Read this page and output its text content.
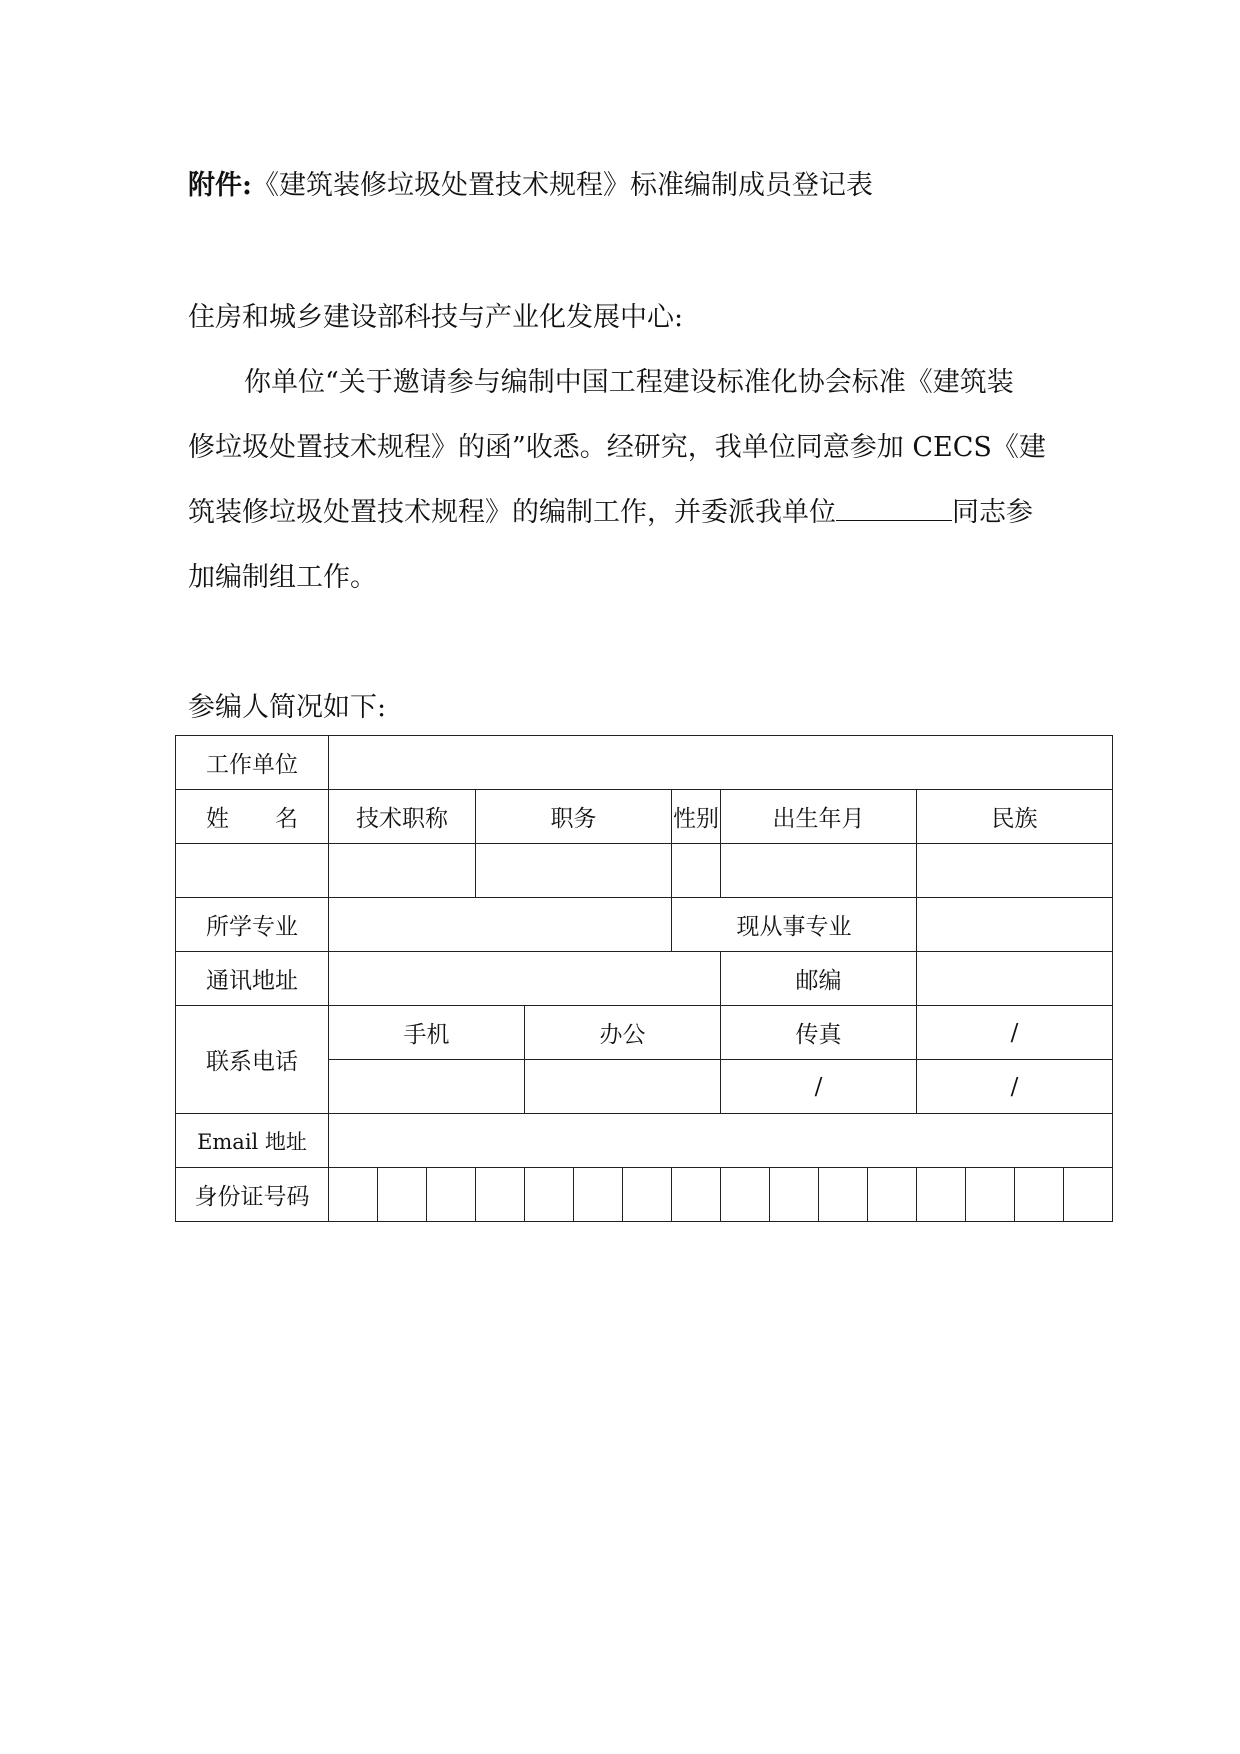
附件:《建筑装修垃圾处置技术规程》标准编制成员登记表
住房和城乡建设部科技与产业化发展中心:
你单位“关于邀请参与编制中国工程建设标准化协会标准《建筑装
修垃圾处置技术规程》的函”收悉。经研究，我单位同意参加 CECS《建
筑装修垃圾处置技术规程》的编制工作，并委派我单位	同志参
加编制组工作。
参编人简况如下:
工作单位																
姓　　名	技术职称			职务				性别	出生年月				民族			

所学专业								现从事专业								
通讯地址									邮编							
联系电话	手机				办公				传真				/			
									/				/			
Email 地址																
身份证号码																
